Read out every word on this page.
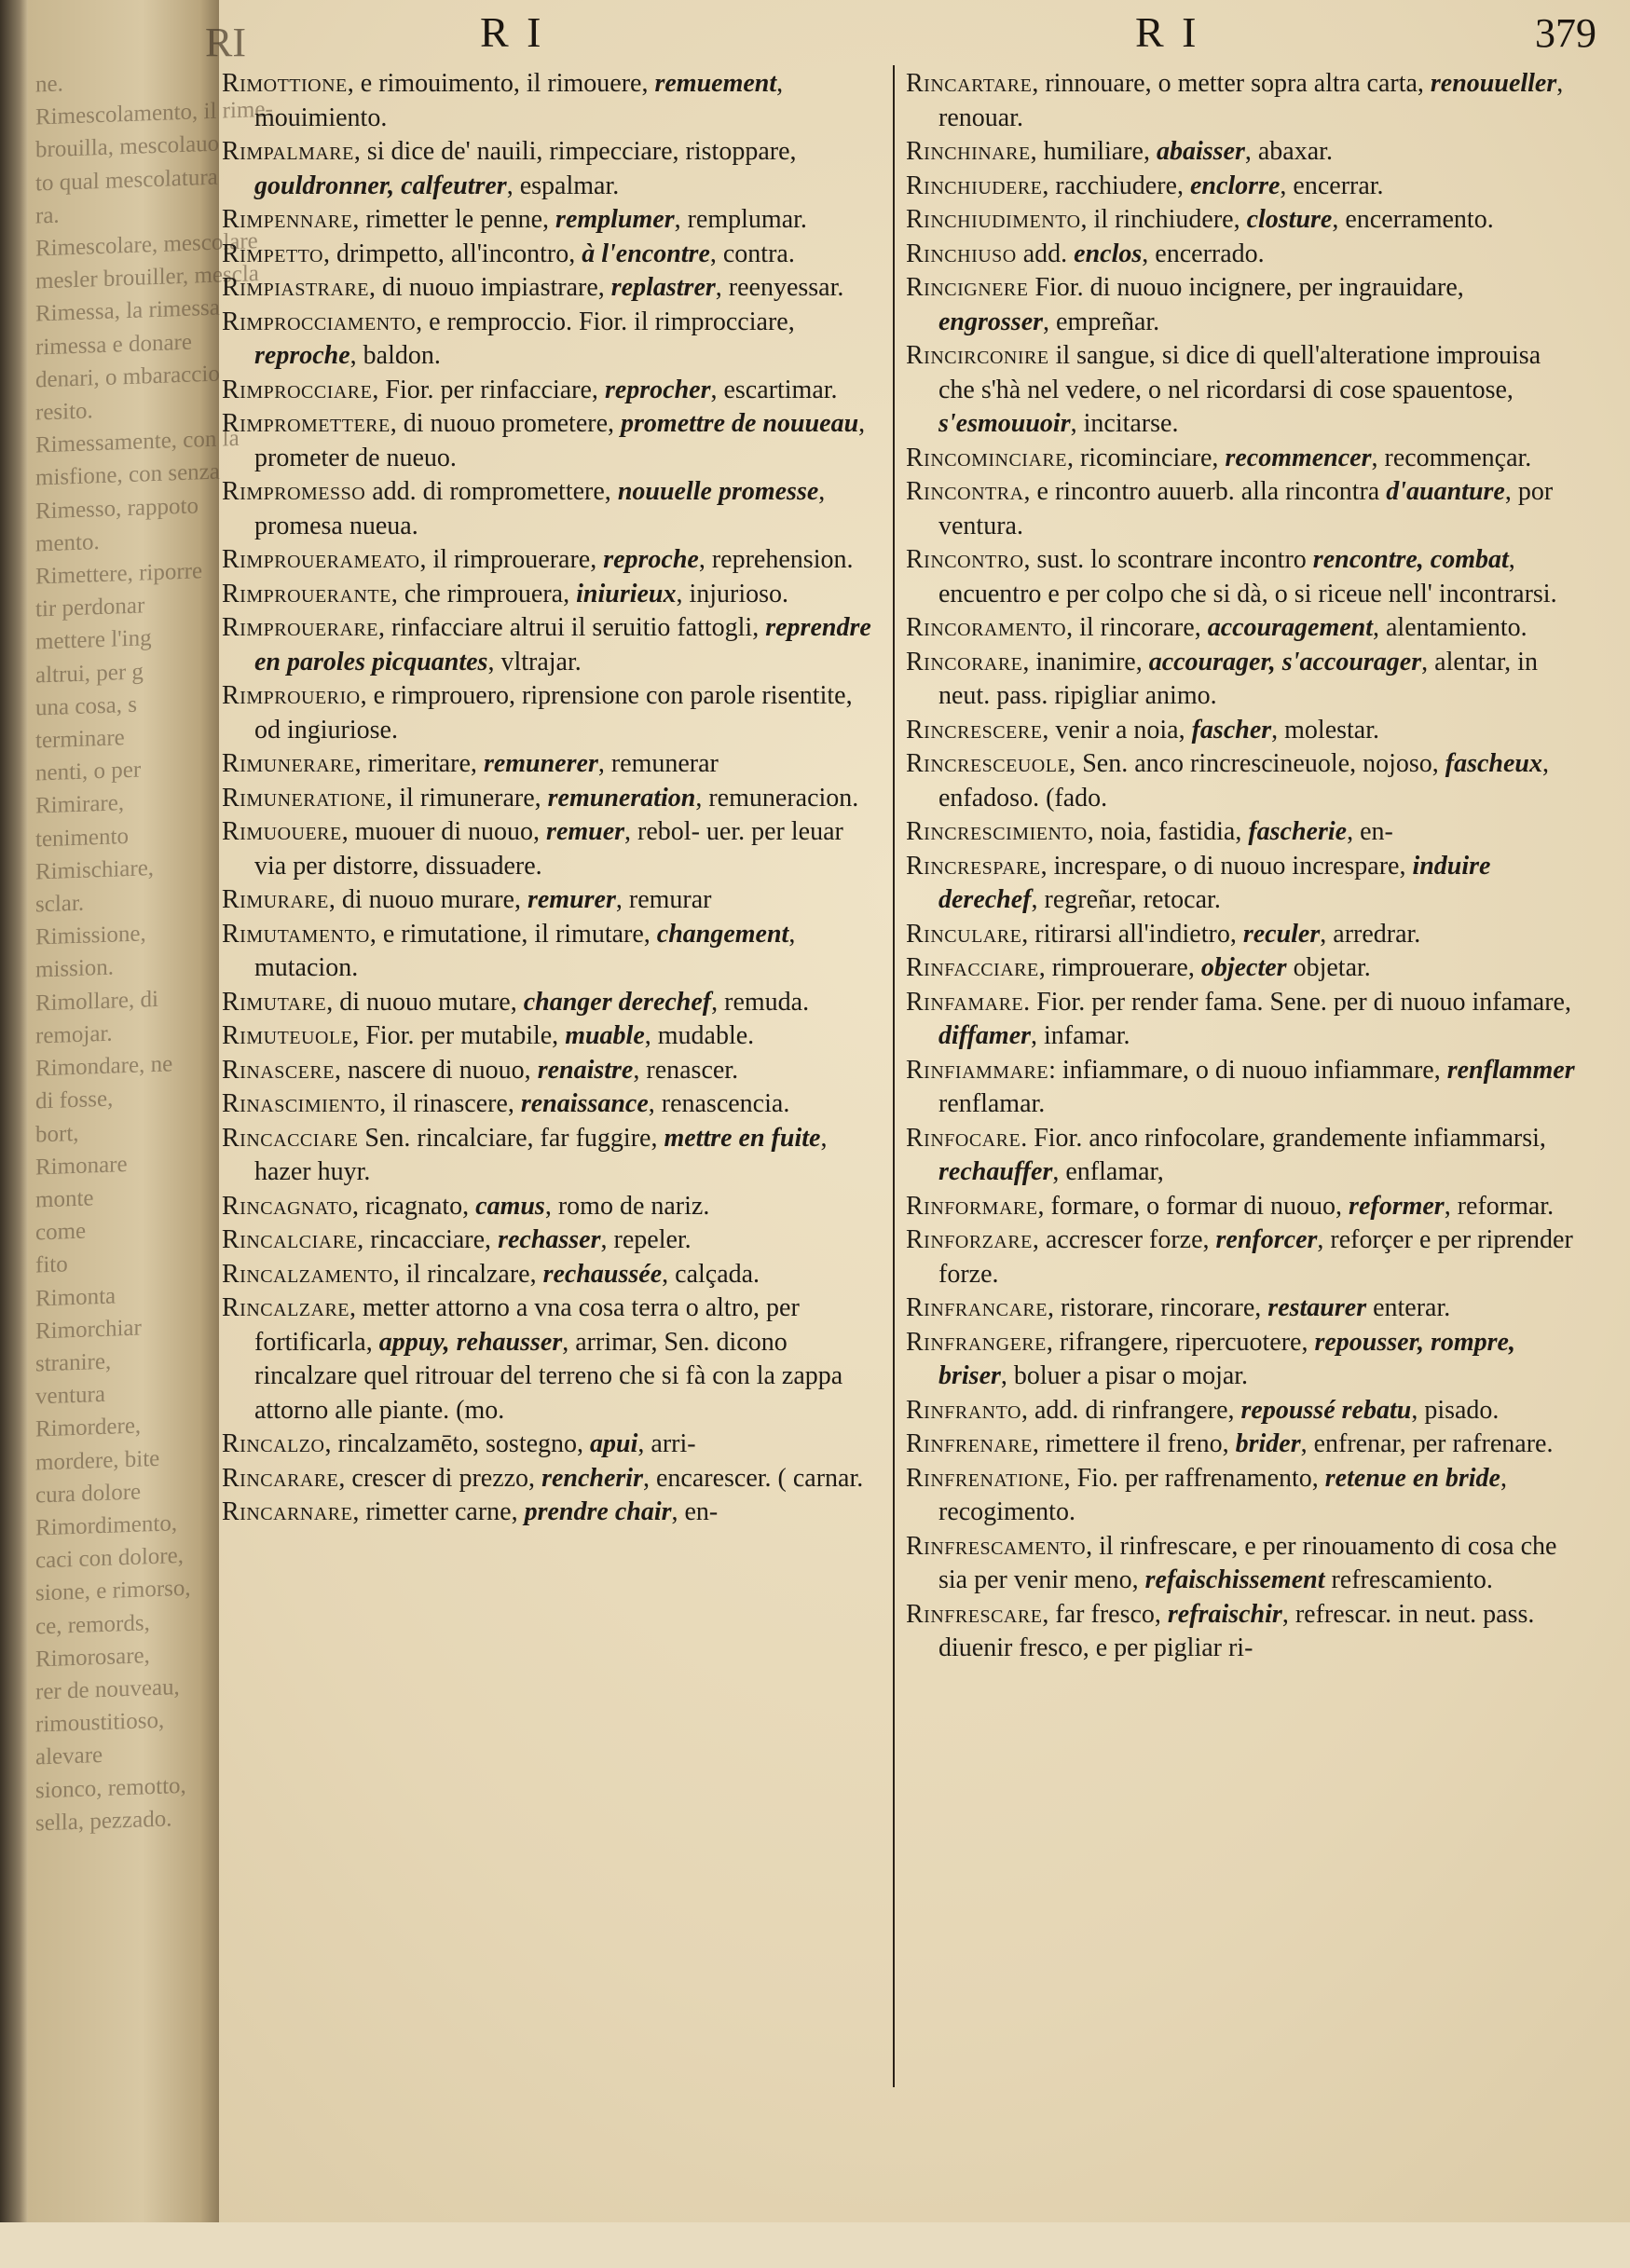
RI
ne.
Rimescolamento, il rime-
brouilla, mescolauo
to qual mescolatura
ra.
Rimescolare, mescolare
mesler brouiller, mescla
Rimessa, la rimessa
rimessa e donare
denari, o mbaraccio
resito.
Rimessamente, con la
misfione, con senza
Rimesso, rappoto
mento.
Rimettere, riporre
tir perdonar
mettere l'ing
altrui, per g
una cosa, s
terminare
nenti, o per
Rimirare,
tenimento
Rimischiare,
sclar.
Rimissione,
mission.
Rimollare, di
remojar.
Rimondare, ne
di fosse,
bort,
Rimonare
monte
come
fito
Rimonta
Rimorchiar
stranire,
ventura
Rimordere,
mordere, bite
cura dolore
Rimordimento,
caci con dolore,
sione, e rimorso,
ce, remords,
Rimorosare,
rer de nouveau,
rimoustitioso,
alevare
sionco, remotto,
sella, pezzado.
R I	R I	379
Rimottione, e rimouimento, il rimouere, remuement, mouimiento.
Rimpalmare, si dice de' nauili, rimpecciare, ristoppare, gouldronner, calfeutrer, espalmar.
Rimpennare, rimetter le penne, remplumer, remplumar.
Rimpetto, drimpetto, all'incontro, à l'encontre, contra.
Rimpiastrare, di nuouo impiastrare, replastrer, reenyessar.
Rimprocciamento, e remproccio. Fior. il rimprocciare, reproche, baldon.
Rimprocciare, Fior. per rinfacciare, reprocher, escartimar.
Rimpromettere, di nuouo prometere, promettre de nouueau, prometer de nueuo.
Rimpromesso add. di rompromettere, nouuelle promesse, promesa nueua.
Rimprouerameato, il rimprouerare, reproche, reprehension.
Rimprouerante, che rimprouera, iniurieux, injurioso.
Rimprouerare, rinfacciare altrui il seruitio fattogli, reprendre en paroles picquantes, vltrajar.
Rimprouerio, e rimprouero, riprensione con parole risentite, od ingiuriose.
Rimunerare, rimeritare, remunerer, remunerar
Rimuneratione, il rimunerare, remuneration, remuneracion.
Rimuouere, muouer di nuouo, remuer, rebol- uer. per leuar via per distorre, dissuadere.
Rimurare, di nuouo murare, remurer, remurar
Rimutamento, e rimutatione, il rimutare, changement, mutacion.
Rimutare, di nuouo mutare, changer derechef, remuda.
Rimuteuole, Fior. per mutabile, muable, mudable.
Rinascere, nascere di nuouo, renaistre, renascer.
Rinascimiento, il rinascere, renaissance, renascencia.
Rincacciare Sen. rincalciare, far fuggire, mettre en fuite, hazer huyr.
Rincagnato, ricagnato, camus, romo de nariz.
Rincalciare, rincacciare, rechasser, repeler.
Rincalzamento, il rincalzare, rechaussée, calçada.
Rincalzare, metter attorno a vna cosa terra o altro, per fortificarla, appuy, rehausser, arrimar, Sen. dicono rincalzare quel ritrouar del terreno che si fà con la zappa attorno alle piante. (mo.
Rincalzo, rincalzamēto, sostegno, apui, arri-
Rincarare, crescer di prezzo, rencherir, encarescer. ( carnar.
Rincarnare, rimetter carne, prendre chair, en-
Rincartare, rinnouare, o metter sopra altra carta, renouueller, renouar.
Rinchinare, humiliare, abaisser, abaxar.
Rinchiudere, racchiudere, enclorre, encerrar.
Rinchiudimento, il rinchiudere, closture, encerramento.
Rinchiuso add. enclos, encerrado.
Rincignere Fior. di nuouo incignere, per ingrauidare, engrosser, empreñar.
Rincirconire il sangue, si dice di quell'alteratione improuisa che s'hà nel vedere, o nel ricordarsi di cose spauentose, s'esmouuoir, incitarse.
Rincominciare, ricominciare, recommencer, recommençar.
Rincontra, e rincontro auuerb. alla rincontra d'auanture, por ventura.
Rincontro, sust. lo scontrare incontro rencontre, combat, encuentro e per colpo che si dà, o si riceue nell' incontrarsi.
Rincoramento, il rincorare, accouragement, alentamiento.
Rincorare, inanimire, accourager, s'accourager, alentar, in neut. pass. ripigliar animo.
Rincrescere, venir a noia, fascher, molestar.
Rincresceuole, Sen. anco rincrescineuole, nojoso, fascheux, enfadoso. (fado.
Rincrescimiento, noia, fastidia, fascherie, en-
Rincrespare, increspare, o di nuouo increspare, induire derechef, regreñar, retocar.
Rinculare, ritirarsi all'indietro, reculer, arredrar.
Rinfacciare, rimprouerare, objecter objetar.
Rinfamare. Fior. per render fama. Sene. per di nuouo infamare, diffamer, infamar.
Rinfiammare: infiammare, o di nuouo infiammare, renflammer renflamar.
Rinfocare. Fior. anco rinfocolare, grandemente infiammarsi, rechauffer, enflamar,
Rinformare, formare, o formar di nuouo, reformer, reformar.
Rinforzare, accrescer forze, renforcer, reforçer e per riprender forze.
Rinfrancare, ristorare, rincorare, restaurer enterar.
Rinfrangere, rifrangere, ripercuotere, repousser, rompre, briser, boluer a pisar o mojar.
Rinfranto, add. di rinfrangere, repoussé rebatu, pisado.
Rinfrenare, rimettere il freno, brider, enfrenar, per rafrenare.
Rinfrenatione, Fio. per raffrenamento, retenue en bride, recogimento.
Rinfrescamento, il rinfrescare, e per rinouamento di cosa che sia per venir meno, refaischissement refrescamiento.
Rinfrescare, far fresco, refraischir, refrescar. in neut. pass. diuenir fresco, e per pigliar ri-
